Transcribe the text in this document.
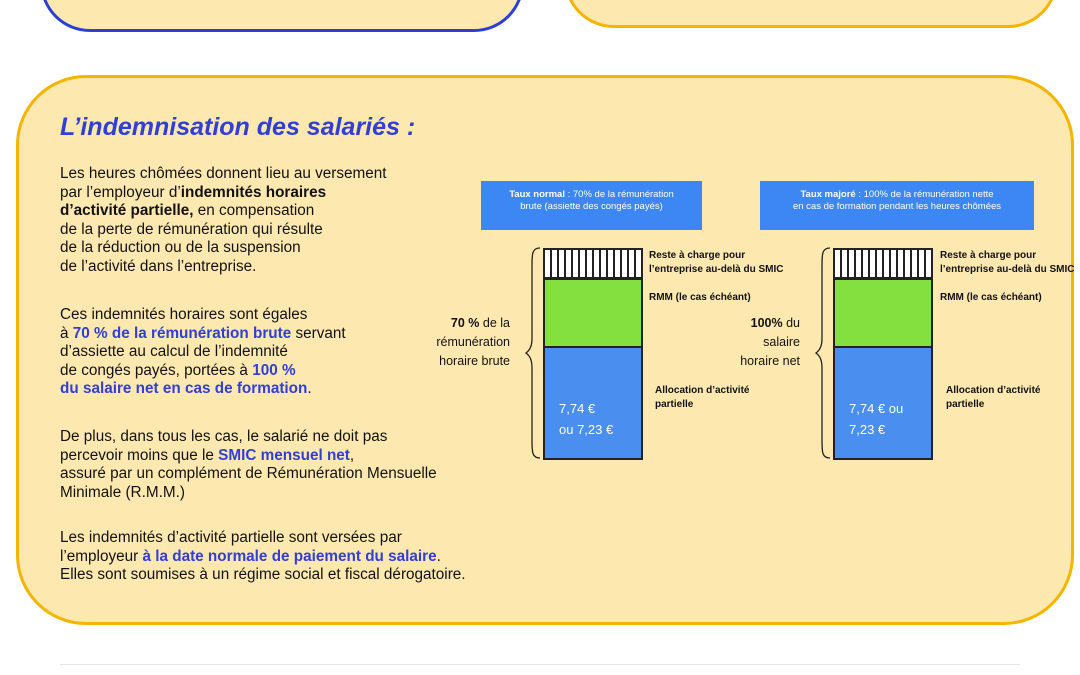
L’indemnisation des salariés :
Les heures chômées donnent lieu au versement
par l’employeur d’indemnités horaires
d’activité partielle, en compensation
de la perte de rémunération qui résulte
de la réduction ou de la suspension
de l’activité dans l’entreprise.
Ces indemnités horaires sont égales
à 70 % de la rémunération brute servant
d’assiette au calcul de l’indemnité
de congés payés, portées à 100 %
du salaire net en cas de formation.
De plus, dans tous les cas, le salarié ne doit pas
percevoir moins que le SMIC mensuel net,
assuré par un complément de Rémunération Mensuelle
Minimale (R.M.M.)
Les indemnités d’activité partielle sont versées par
l’employeur à la date normale de paiement du salaire.
Elles sont soumises à un régime social et fiscal dérogatoire.
Taux normal : 70% de la rémunération
brute (assiette des congés payés)
70 % de la
rémunération
horaire brute
7,74 €
ou 7,23 €
Reste à charge pour
l’entreprise au-delà du SMIC
RMM (le cas échéant)
Allocation d’activité
partielle
Taux majoré : 100% de la rémunération nette
en cas de formation pendant les heures chômées
100% du
salaire
horaire net
7,74 € ou
7,23 €
Reste à charge pour
l’entreprise au-delà du SMIC
RMM (le cas échéant)
Allocation d’activité
partielle
